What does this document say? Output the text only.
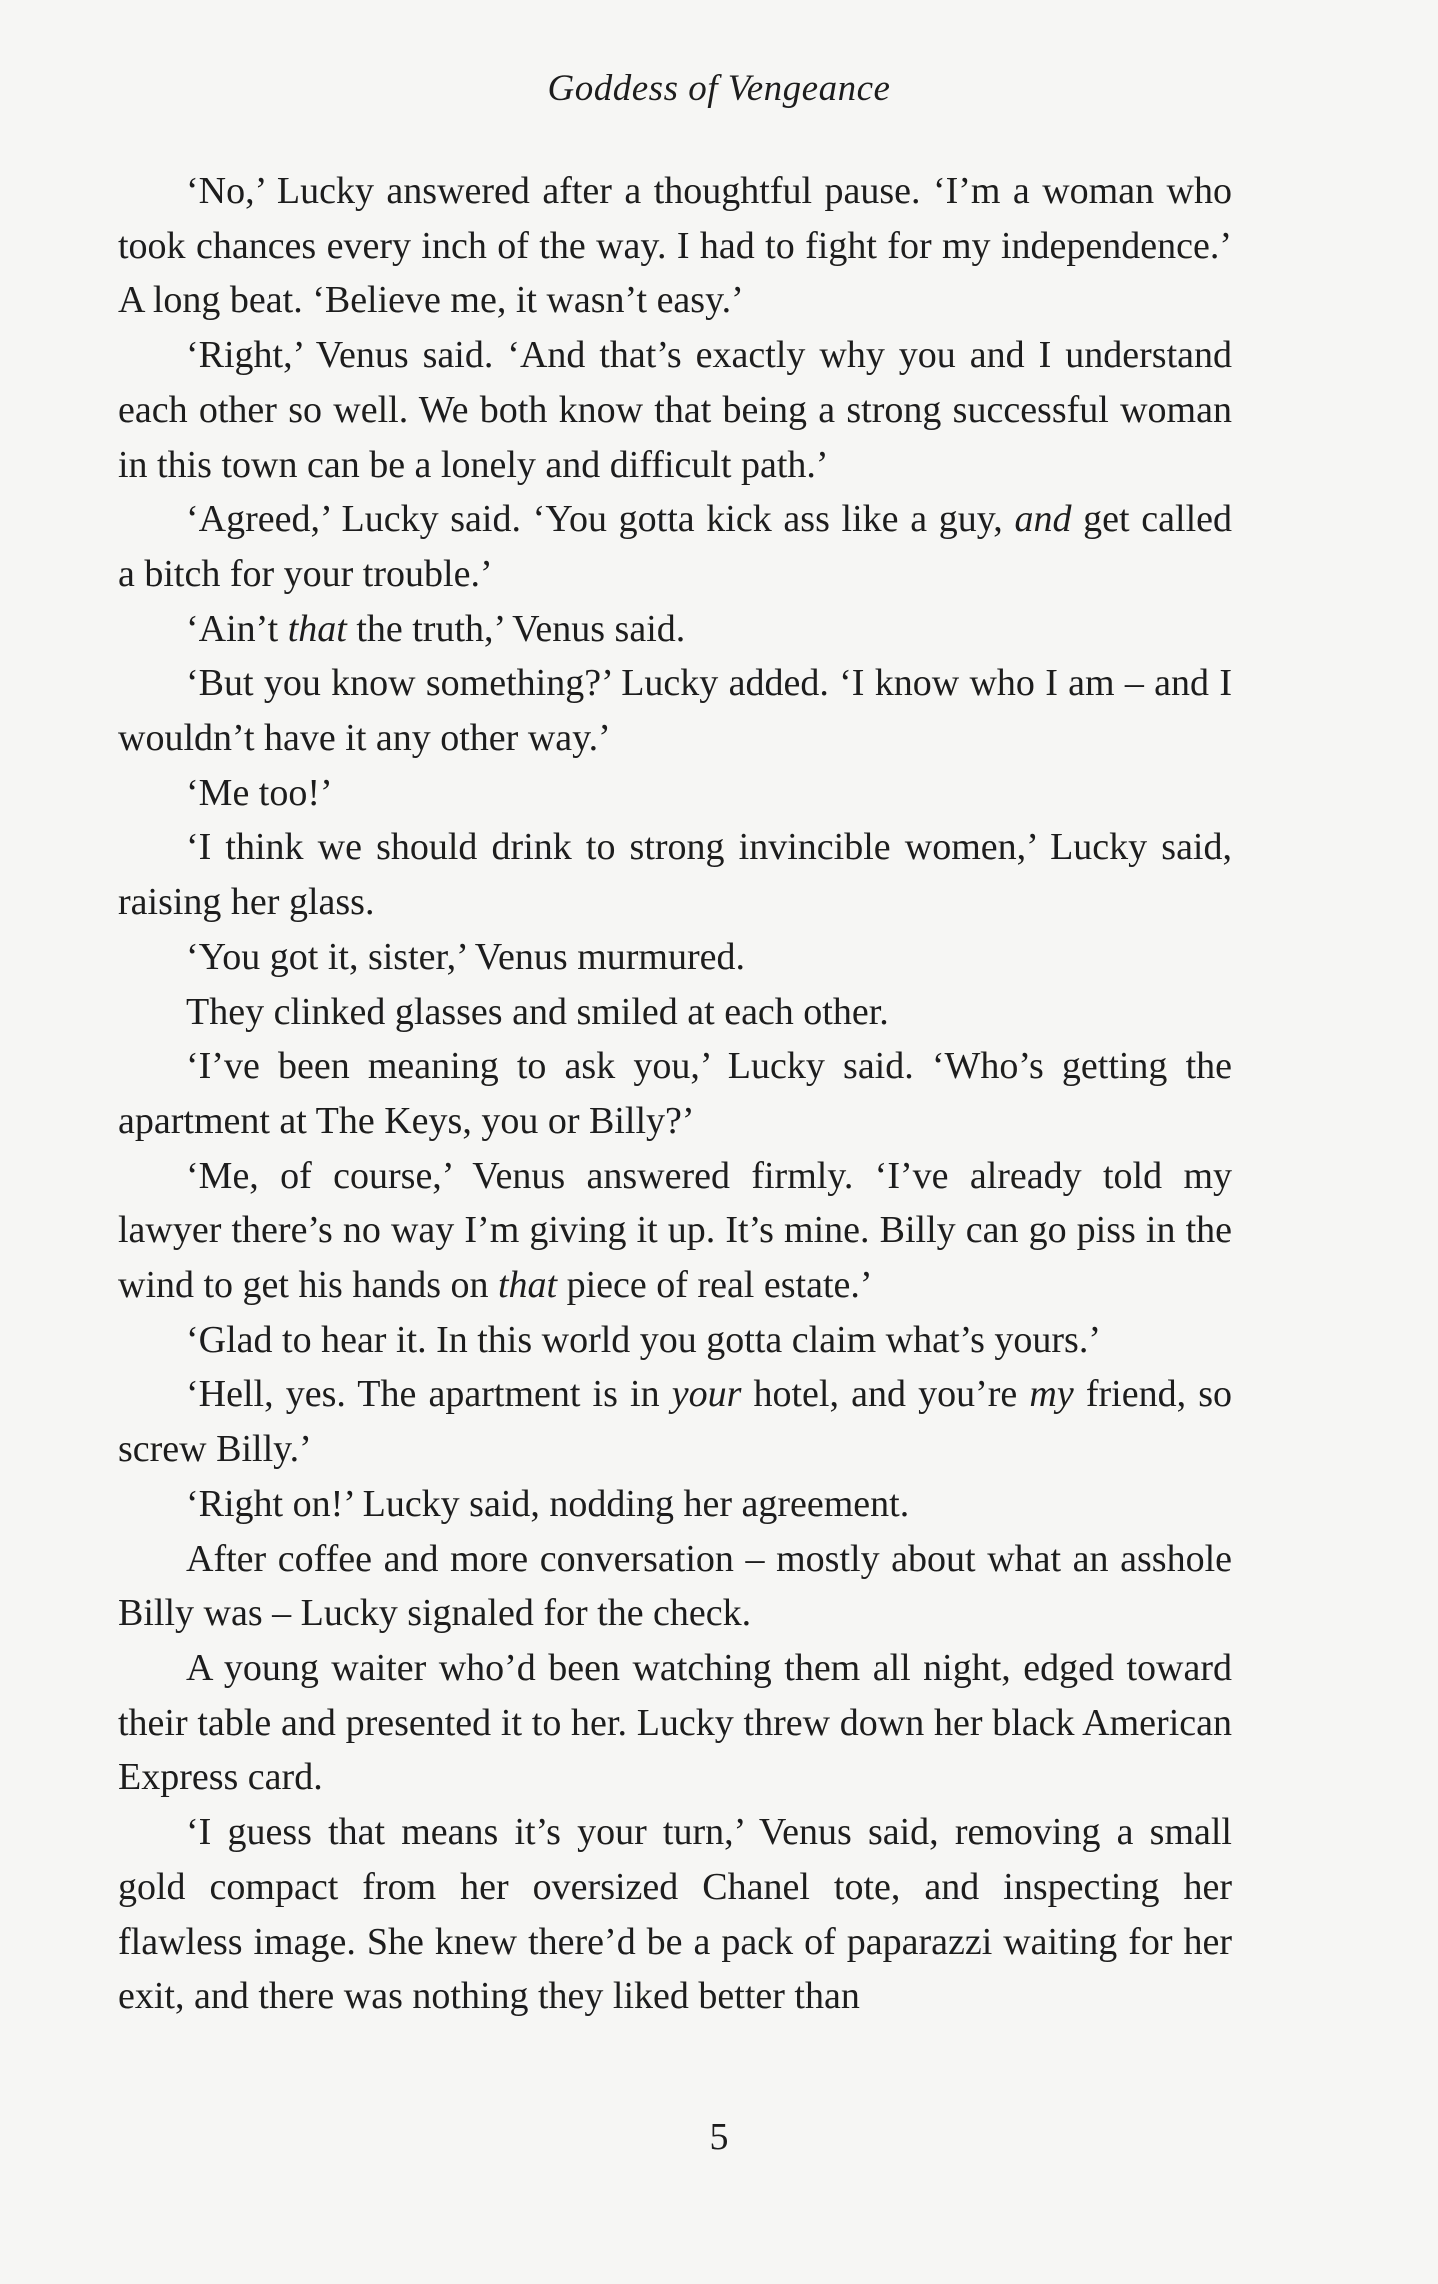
Goddess of Vengeance

‘No,’ Lucky answered after a thoughtful pause. ‘I’m a woman who took chances every inch of the way. I had to fight for my independence.’ A long beat. ‘Believe me, it wasn’t easy.’

‘Right,’ Venus said. ‘And that’s exactly why you and I understand each other so well. We both know that being a strong successful woman in this town can be a lonely and difficult path.’

‘Agreed,’ Lucky said. ‘You gotta kick ass like a guy, and get called a bitch for your trouble.’

‘Ain’t that the truth,’ Venus said.

‘But you know something?’ Lucky added. ‘I know who I am – and I wouldn’t have it any other way.’

‘Me too!’

‘I think we should drink to strong invincible women,’ Lucky said, raising her glass.

‘You got it, sister,’ Venus murmured.

They clinked glasses and smiled at each other.

‘I’ve been meaning to ask you,’ Lucky said. ‘Who’s getting the apartment at The Keys, you or Billy?’

‘Me, of course,’ Venus answered firmly. ‘I’ve already told my lawyer there’s no way I’m giving it up. It’s mine. Billy can go piss in the wind to get his hands on that piece of real estate.’

‘Glad to hear it. In this world you gotta claim what’s yours.’

‘Hell, yes. The apartment is in your hotel, and you’re my friend, so screw Billy.’

‘Right on!’ Lucky said, nodding her agreement.

After coffee and more conversation – mostly about what an asshole Billy was – Lucky signaled for the check.

A young waiter who’d been watching them all night, edged toward their table and presented it to her. Lucky threw down her black American Express card.

‘I guess that means it’s your turn,’ Venus said, removing a small gold compact from her oversized Chanel tote, and inspecting her flawless image. She knew there’d be a pack of paparazzi waiting for her exit, and there was nothing they liked better than

5
